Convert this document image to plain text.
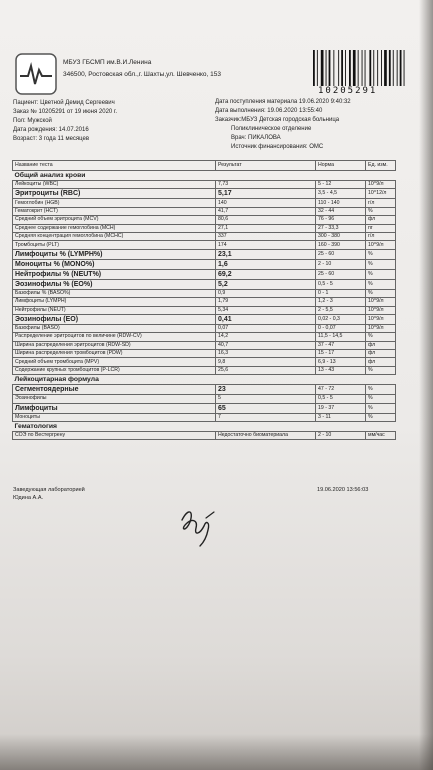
МБУЗ ГБСМП им.В.И.Ленина
346500, Ростовская обл.,г. Шахты,ул. Шевченко, 153
10205291
Пациент: Цветной Демид Сергеевич
Заказ № 10205291 от 19 июня 2020 г.
Пол: Мужской
Дата рождения: 14.07.2016
Возраст: 3 года 11 месяцев
Дата поступления материала 19.06.2020 9:40:32
Дата выполнения: 19.06.2020 13:55:40
Заказчик:МБУЗ Детская городская больница
Поликлиническое отделение
Врач: ПИКАЛОВА
Источник финансирования: ОМС
Название теста	Результат	Норма	Ед. изм.
Общий анализ крови			
Лейкоциты (WBC)	7,73	5 - 12	10^9/л
Эритроциты (RBC)	5,17	3,5 - 4,5	10^12/л
Гемоглобин (HGB)	140	110 - 140	г/л
Гематокрит (HCT)	41,7	32 - 44	%
Средний объем эритроцита (MCV)	80,6	76 - 96	фл
Среднее содержание гемоглобина (MCH)	27,1	27 - 33,3	пг
Средняя концентрация гемоглобина (MCHC)	337	300 - 380	г/л
Тромбоциты (PLT)	174	160 - 390	10^9/л
Лимфоциты % (LYMPH%)	23,1	25 - 60	%
Моноциты % (MONO%)	1,6	2 - 10	%
Нейтрофилы % (NEUT%)	69,2	25 - 60	%
Эозинофилы % (EO%)	5,2	0,5 - 5	%
Базофилы % (BASO%)	0,9	0 - 1	%
Лимфоциты (LYMPH)	1,79	1,2 - 3	10^9/л
Нейтрофилы (NEUT)	5,34	2 - 5,5	10^9/л
Эозинофилы (EO)	0,41	0,02 - 0,3	10^9/л
Базофилы (BASO)	0,07	0 - 0,07	10^9/л
Распределение эритроцитов по величине (RDW-CV)	14,2	11,5 - 14,5	%
Ширина распределения эритроцитов (RDW-SD)	40,7	37 - 47	фл
Ширина распределения тромбоцитов (PDW)	16,3	15 - 17	фл
Средний объем тромбоцита (MPV)	9,8	6,9 - 13	фл
Содержание крупных тромбоцитов (P-LCR)	25,6	13 - 43	%
Лейкоцитарная формула			
Сегментоядерные	23	47 - 72	%
Эозинофилы	5	0,5 - 5	%
Лимфоциты	65	19 - 37	%
Моноциты	7	3 - 11	%
Гематология			
СОЭ по Вестергрену	Недостаточно биоматериала	2 - 10	мм/час
Заведующая лабораторией
Юдина А.А.
19.06.2020 13:56:03
